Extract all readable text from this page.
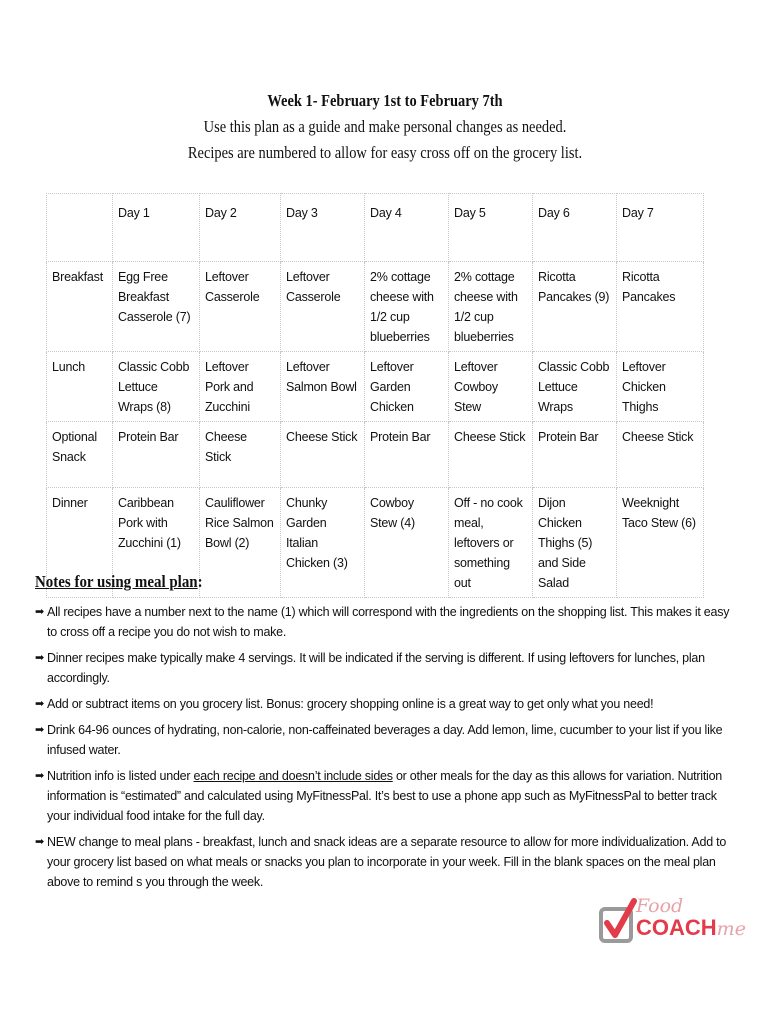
Week 1- February 1st to February 7th
Use this plan as a guide and make personal changes as needed.
Recipes are numbered to allow for easy cross off on the grocery list.
	Day 1	Day 2	Day 3	Day 4	Day 5	Day 6	Day 7
Breakfast	Egg Free Breakfast Casserole (7)	Leftover Casserole	Leftover Casserole	2% cottage cheese with 1/2 cup blueberries	2% cottage cheese with 1/2 cup blueberries	Ricotta Pancakes (9)	Ricotta Pancakes
Lunch	Classic Cobb Lettuce Wraps (8)	Leftover Pork and Zucchini	Leftover Salmon Bowl	Leftover Garden Chicken	Leftover Cowboy Stew	Classic Cobb Lettuce Wraps	Leftover Chicken Thighs
Optional Snack	Protein Bar	Cheese Stick	Cheese Stick	Protein Bar	Cheese Stick	Protein Bar	Cheese Stick
Dinner	Caribbean Pork with Zucchini (1)	Cauliflower Rice Salmon Bowl (2)	Chunky Garden Italian Chicken (3)	Cowboy Stew (4)	Off - no cook meal, leftovers or something out	Dijon Chicken Thighs (5) and Side Salad	Weeknight Taco Stew (6)
Notes for using meal plan:
➡ All recipes have a number next to the name (1) which will correspond with the ingredients on the shopping list. This makes it easy to cross off a recipe you do not wish to make.
➡ Dinner recipes make typically make 4 servings. It will be indicated if the serving is different. If using leftovers for lunches, plan accordingly.
➡ Add or subtract items on you grocery list. Bonus: grocery shopping online is a great way to get only what you need!
➡ Drink 64-96 ounces of hydrating, non-calorie, non-caffeinated beverages a day. Add lemon, lime, cucumber to your list if you like infused water.
➡ Nutrition info is listed under each recipe and doesn’t include sides or other meals for the day as this allows for variation. Nutrition information is “estimated” and calculated using MyFitnessPal. It’s best to use a phone app such as MyFitnessPal to better track your individual food intake for the full day.
➡ NEW change to meal plans - breakfast, lunch and snack ideas are a separate resource to allow for more individualization. Add to your grocery list based on what meals or snacks you plan to incorporate in your week. Fill in the blank spaces on the meal plan above to remind s you through the week.
Food
COACHme
